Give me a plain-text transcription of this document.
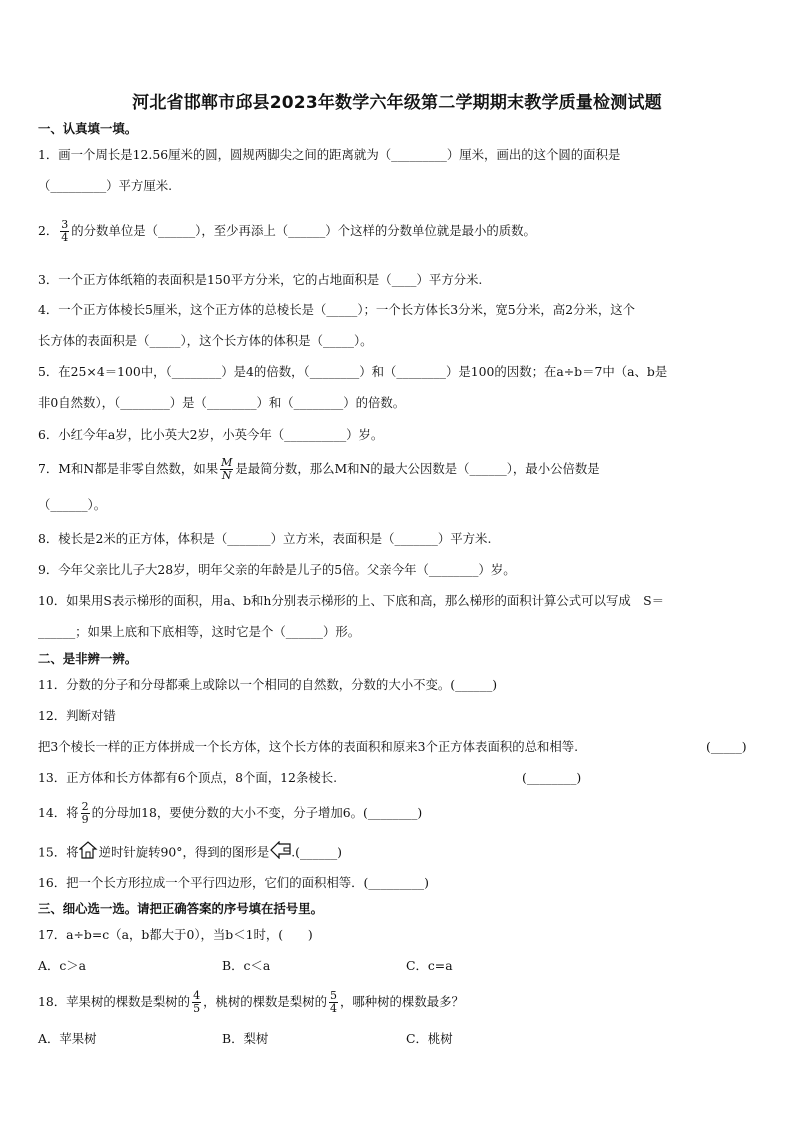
河北省邯郸市邱县2023年数学六年级第二学期期末教学质量检测试题
一、认真填一填。
1．画一个周长是12.56厘米的圆，圆规两脚尖之间的距离就为（_________）厘米，画出的这个圆的面积是
（_________）平方厘米.
2． $\frac{3}{4}$ 的分数单位是（______），至少再添上（______）个这样的分数单位就是最小的质数。
3．一个正方体纸箱的表面积是150平方分米，它的占地面积是（____）平方分米.
4．一个正方体棱长5厘米，这个正方体的总棱长是（_____）；一个长方体长3分米，宽5分米，高2分米，这个
长方体的表面积是（_____），这个长方体的体积是（_____）。
5．在25×4＝100中，（________）是4的倍数，（________）和（________）是100的因数；在a÷b＝7中（a、b是
非0自然数），（________）是（________）和（________）的倍数。
6．小红今年a岁，比小英大2岁，小英今年（__________）岁。
7．M和N都是非零自然数，如果 $\frac{M}{N}$ 是最简分数，那么M和N的最大公因数是（______），最小公倍数是
（______）。
8．棱长是2米的正方体，体积是（_______）立方米，表面积是（_______）平方米.
9．今年父亲比儿子大28岁，明年父亲的年龄是儿子的5倍。父亲今年（________）岁。
10．如果用S表示梯形的面积，用a、b和h分别表示梯形的上、下底和高，那么梯形的面积计算公式可以写成　S＝
______；如果上底和下底相等，这时它是个（______）形。
二、是非辨一辨。
11．分数的分子和分母都乘上或除以一个相同的自然数，分数的大小不变。(______)
12．判断对错
把3个棱长一样的正方体拼成一个长方体，这个长方体的表面积和原来3个正方体表面积的总和相等.	(_____)
13．正方体和长方体都有6个顶点，8个面，12条棱长.	(________)
14．将 $\frac{2}{9}$ 的分母加18，要使分数的大小不变，分子增加6。(________)
15．将 逆时针旋转90°，得到的图形是 .(______)
16．把一个长方形拉成一个平行四边形，它们的面积相等．(_________)
三、细心选一选。请把正确答案的序号填在括号里。
17．a÷b=c（a，b都大于0），当b＜1时，(　　)
A．c＞a	B．c＜a	C．c=a
18．苹果树的棵数是梨树的 $\frac{4}{5}$ ，桃树的棵数是梨树的 $\frac{5}{4}$ ，哪种树的棵数最多？
A．苹果树	B．梨树	C．桃树
